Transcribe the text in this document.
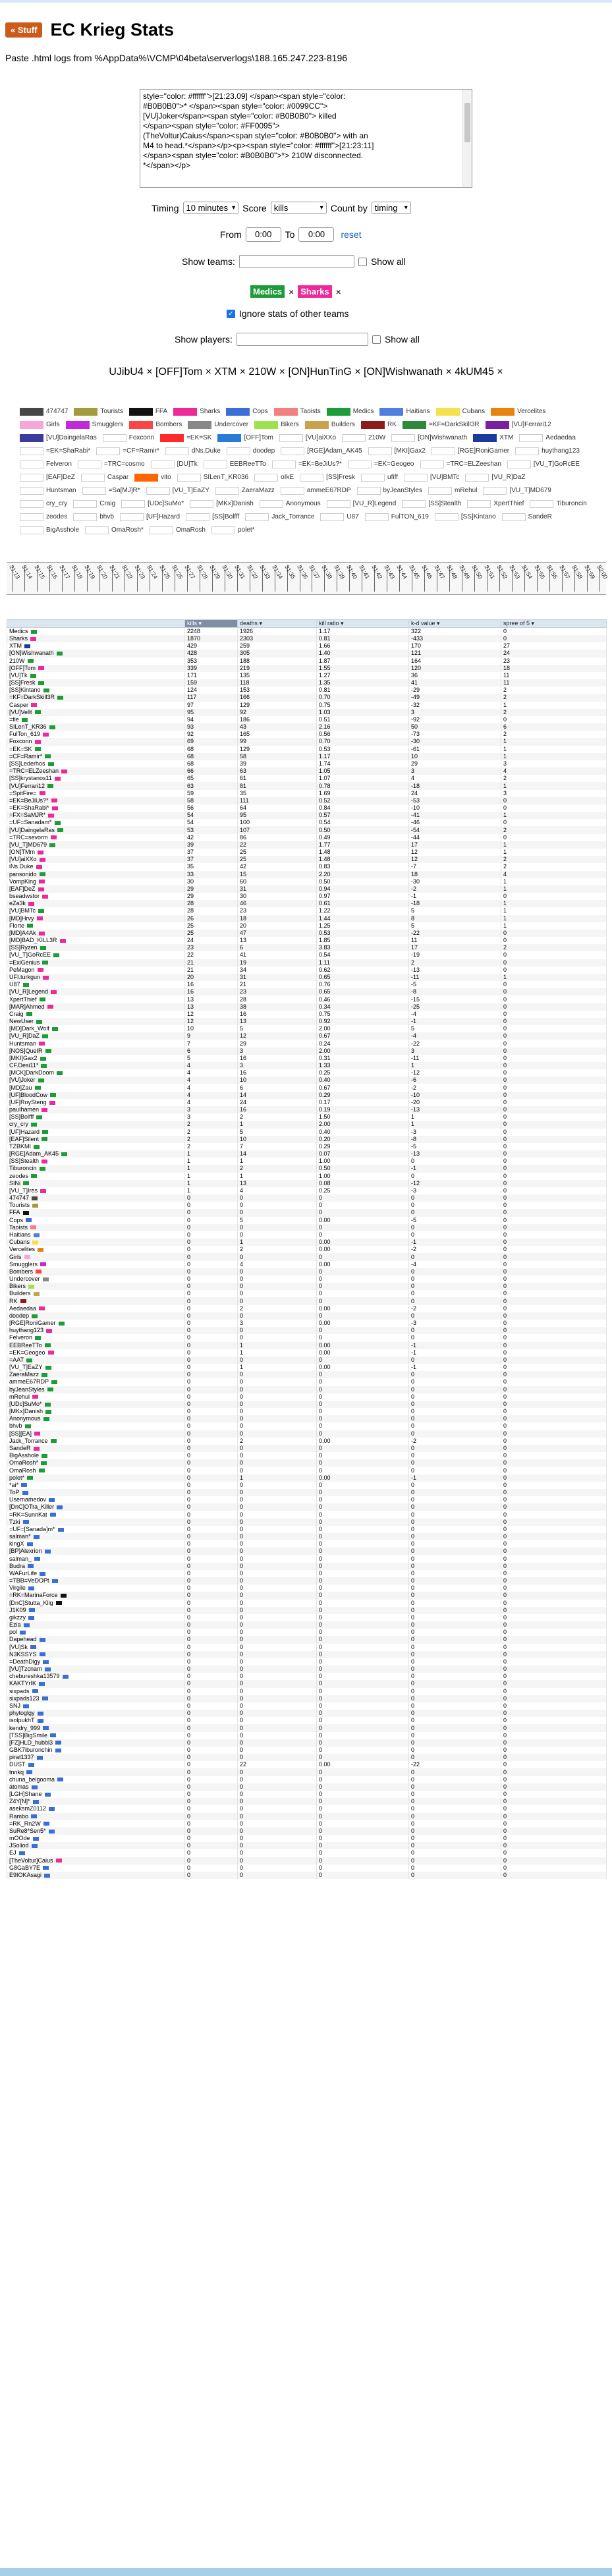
« Stuff EC Krieg Stats
Paste .html logs from %AppData%\VCMP\04beta\serverlogs\188.165.247.223-8196
style="color: #ffffff">[21:23.09] </span><span style="color:
#B0B0B0">* </span><span style="color: #0099CC">
[VU]Joker</span><span style="color: #B0B0B0"> killed
</span><span style="color: #FF0095">
(TheVoltur)Caius</span><span style="color: #B0B0B0"> with an
M4 to head.*</span></p><p><span style="color: #ffffff">[21:23:11]
</span><span style="color: #B0B0B0">*> 210W disconnected.
*</span></p>
Timing 10 minutes
▾ Score kills
▾	Count by timing
▾
From	0:00	To	0:00	reset
Show teams:	Show all
✓ Ignore stats of other teams
Medics × Sharks ×
Show players:	Show all
UJibU4 × [OFF]Tom × XTM × 210W × [ON]HunTinG × [ON]Wishwanath × 4kUM45 ×
474747	Tourists	FFA	Sharks	Cops	Taoists	Medics	Haitians	Cubans	Vercelites
Girls	Smugglers	Bombers	Undercover	Bikers	Builders	RK	=KF=DarkSkill3R	[VU]Ferrari12
[VU]DaingelaRas	Foxconn	=EK=SK	[OFF]Tom	[VU]aiXXo	210W	[ON]Wishwanath	XTM	Aedaedaa
=EK=ShaRabi*	=CF=Ramir*	dNs.Duke	doodep	[RGE]Adam_AK45	[MKI]Gax2	[RGE]RoniGamer	huythang123
Felveron	=TRC=cosmo	[DU]Tk	EEBReeTTo	=EK=BeJiUs?*	=EK=Geogeo	=TRC=ELZeeshan	[VU_T]GoRcEE
[EAF]DeZ	Caspar	vito	SILenT_KR036	oIkE	[SS]Fresk	ufiff	[VU]BMTc	[VU_R]DaZ
Huntsman	=Sa[MJ]R*	[VU_T]EaZY	ZaeraMazz	ammeE67RDP	byJeanStyles	mRehul	[VU_T]MD679
cry_cry	Craig	[UDc]SuMo*	[MKx]Danish	Anonymous	[VU_R]Legend	[SS]Stealth	XpertThief	Tiburoncin
zeodes	bhvb	[UF]Hazard	[SS]Bolfff	Jack_Torrance	U87	FulTON_619	[SS]Kintano	SandeR
BigAsshole	OmaRosh*	OmaRosh	polet*
21:13 21:14 21:15 21:16 21:17 21:18 21:19 21:20 21:21 21:22 21:23 21:24 21:25 21:26 21:27 21:28 21:29 21:30 21:31 21:32 21:33 21:34 21:35 21:36 21:37 21:38 21:39 21:40 21:41 21:42 21:43 21:44 21:45 21:46 21:47 21:48 21:49 21:50 21:51 21:52 21:53 21:54 21:55 21:56 21:57 21:58 21:59 22:00
	kills ▾	deaths ▾	kill ratio ▾	k-d value ▾	spree of 5 ▾
Medics	2248	1926	1.17	322	0
Sharks	1870	2303	0.81	-433	0
XTM	429	259	1.66	170	27
[ON]Wishwanath	428	305	1.40	121	24
210W	353	188	1.87	164	23
[OFF]Tom	339	219	1.55	120	18
[VU]Tk	171	135	1.27	36	11
[SS]Fresk	159	118	1.35	41	11
[SS]Kintano	124	153	0.81	-29	2
=KF=DarkSkill3R	117	166	0.70	-49	2
Casper	97	129	0.75	-32	1
[VU]Vellt	95	92	1.03	3	2
=tle	94	186	0.51	-92	0
SILenT_KR36	93	43	2.16	50	6
FulTon_619	92	165	0.56	-73	2
Foxconn	69	99	0.70	-30	1
=EK=SK	68	129	0.53	-61	1
=CF=Ramir*	68	58	1.17	10	1
[SS]Lederhos	68	39	1.74	29	3
=TRC=ELZeeshan	66	63	1.05	3	4
[SS]krystanos11	65	61	1.07	4	2
[VU]Ferrari12	63	81	0.78	-18	1
=SpitFire=	59	35	1.69	24	3
=EK=BeJiUs?*	58	111	0.52	-53	0
=EK=ShaRabi*	56	64	0.84	-10	0
=FX=SaMJR*	54	95	0.57	-41	1
=UF=Sanadam*	54	100	0.54	-46	0
[VU]DaingelaRas	53	107	0.50	-54	2
=TRC=sevorm	42	86	0.49	-44	0
[VU_T]MD679	39	22	1.77	17	1
[ON]TMm	37	25	1.48	12	1
[VU]aiXXo	37	25	1.48	12	2
iNs.Duke	35	42	0.83	-7	2
pansonido	33	15	2.20	18	4
VompKing	30	60	0.50	-30	1
[EAF]DeZ	29	31	0.94	-2	1
bseadwstor	29	30	0.97	-1	0
eZa3k	28	46	0.61	-18	1
[VU]BMTc	28	23	1.22	5	1
[MD]Hrvy	26	18	1.44	8	1
Florte	25	20	1.25	5	1
[MD]A4Ak	25	47	0.53	-22	0
[MD]BAD_KILL3R	24	13	1.85	11	0
[SS]Ryzen	23	6	3.83	17	2
[VU_T]GoRcEE	22	41	0.54	-19	0
=ExiGenius	21	19	1.11	2	0
PeMagon	21	34	0.62	-13	0
UFI.turkgun	20	31	0.65	-11	1
U87	16	21	0.76	-5	0
[VU_R]Legend	16	23	0.65	-8	0
XpertThief	13	28	0.46	-15	0
[MAR]Ahmed	13	38	0.34	-25	0
Craig	12	16	0.75	-4	0
NewUser	12	13	0.92	-1	0
[MD]Dark_Wolf	10	5	2.00	5	0
[VU_R]DaZ	9	12	0.67	-4	0
Huntsman	7	29	0.24	-22	0
[NOS]QueIR	6	3	2.00	3	0
[MKI]Gax2	5	16	0.31	-11	0
CF.Desi11*	4	3	1.33	1	0
[MCK]DarkDoom	4	16	0.25	-12	0
[VU]Joker	4	10	0.40	-6	0
[MD]Zau	4	6	0.67	-2	0
[UF]BloodCow	4	14	0.29	-10	0
[UF]RoySteng	4	24	0.17	-20	0
pauIhamen	3	16	0.19	-13	0
[SS]Bolfff	3	2	1.50	1	0
cry_cry	2	1	2.00	1	0
[UF]Hazard	2	5	0.40	-3	0
[EAF]Silent	2	10	0.20	-8	0
TZBKMI	2	7	0.29	-5	0
[RGE]Adam_AK45	1	14	0.07	-13	0
[SS]Stealth	1	1	1.00	0	0
Tiburoncin	1	2	0.50	-1	0
zeodes	1	1	1.00	0	0
SINi	1	13	0.08	-12	0
[VU_T]Ires	1	4	0.25	-3	0
474747	0	0	0	0	0
Tourists	0	0	0	0	0
FFA	0	0	0	0	0
Cops	0	5	0.00	-5	0
Taoists	0	0	0	0	0
Haitians	0	0	0	0	0
Cubans	0	1	0.00	-1	0
Vercelites	0	2	0.00	-2	0
Girls	0	0	0	0	0
Smugglers	0	4	0.00	-4	0
Bombers	0	0	0	0	0
Undercover	0	0	0	0	0
Bikers	0	0	0	0	0
Builders	0	0	0	0	0
RK	0	0	0	0	0
Aedaedaa	0	2	0.00	-2	0
doodep	0	0	0	0	0
[RGE]RoniGamer	0	3	0.00	-3	0
huythang123	0	0	0	0	0
Felveron	0	0	0	0	0
EEBReeTTo	0	1	0.00	-1	0
=EK=Geogeo	0	1	0.00	-1	0
=AAT	0	0	0	0	0
[VU_T]EaZY	0	1	0.00	-1	0
ZaeraMazz	0	0	0	0	0
ammeE67RDP	0	0	0	0	0
byJeanStyles	0	0	0	0	0
mRehul	0	0	0	0	0
[UDc]SuMo*	0	0	0	0	0
[MKx]Danish	0	0	0	0	0
Anonymous	0	0	0	0	0
bhvb	0	0	0	0	0
[SS][EA]	0	0	0	0	0
Jack_Torrance	0	2	0.00	-2	0
SandeR	0	0	0	0	0
BigAsshole	0	0	0	0	0
OmaRosh*	0	0	0	0	0
OmaRosh	0	0	0	0	0
polet*	0	1	0.00	-1	0
*ai*	0	0	0	0	0
ToP	0	0	0	0	0
Usernamedov	0	0	0	0	0
[DnC]OTra_Killer	0	0	0	0	0
=RK=SunnKat	0	0	0	0	0
Tzki	0	0	0	0	0
=UF=[Sanada]m*	0	0	0	0	0
salman*	0	0	0	0	0
kingX	0	0	0	0	0
[BP]Alexrion	0	0	0	0	0
salman_	0	0	0	0	0
Budra	0	0	0	0	0
WAFurLife	0	0	0	0	0
=TBB=VeDOPt	0	0	0	0	0
Virgile	0	0	0	0	0
=RK=MarinaForce	0	0	0	0	0
[DnC]Stutta_Kllg	0	0	0	0	0
J1K09	0	0	0	0	0
gikzzy	0	0	0	0	0
Ezia	0	0	0	0	0
pol	0	0	0	0	0
Dapehead	0	0	0	0	0
[VU]Sk	0	0	0	0	0
N3KSSYS	0	0	0	0	0
=DeathDigy	0	0	0	0	0
[VU]Tzcnam	0	0	0	0	0
chebureshka13579	0	0	0	0	0
KAKTYrIK	0	0	0	0	0
sixpads	0	0	0	0	0
sixpads123	0	0	0	0	0
SNJ	0	0	0	0	0
phytoglgy	0	0	0	0	0
isolpukhT	0	0	0	0	0
kendry_999	0	0	0	0	0
[TSS]BigSmile	0	0	0	0	0
[FZ]HLD_hubbl3	0	0	0	0	0
GBK7iburonchin	0	0	0	0	0
pirat1337	0	0	0	0	0
DUST	0	22	0.00	-22	0
tnnkq	0	0	0	0	0
chuna_belgooma	0	0	0	0	0
atomas	0	0	0	0	0
[LGH]Shane	0	0	0	0	0
Z4Y[N]*	0	0	0	0	0
aseksmZ0112	0	0	0	0	0
Rambo	0	0	0	0	0
=RK_Rn2W	0	0	0	0	0
SuRe8*Sen5*	0	0	0	0	0
mOOde	0	0	0	0	0
JSoliod	0	0	0	0	0
EJ	0	0	0	0	0
[TheVoltur]Caius	0	0	0	0	0
G8GaBY7E	0	0	0	0	0
E9IOKAsagi	0	0	0	0	0
